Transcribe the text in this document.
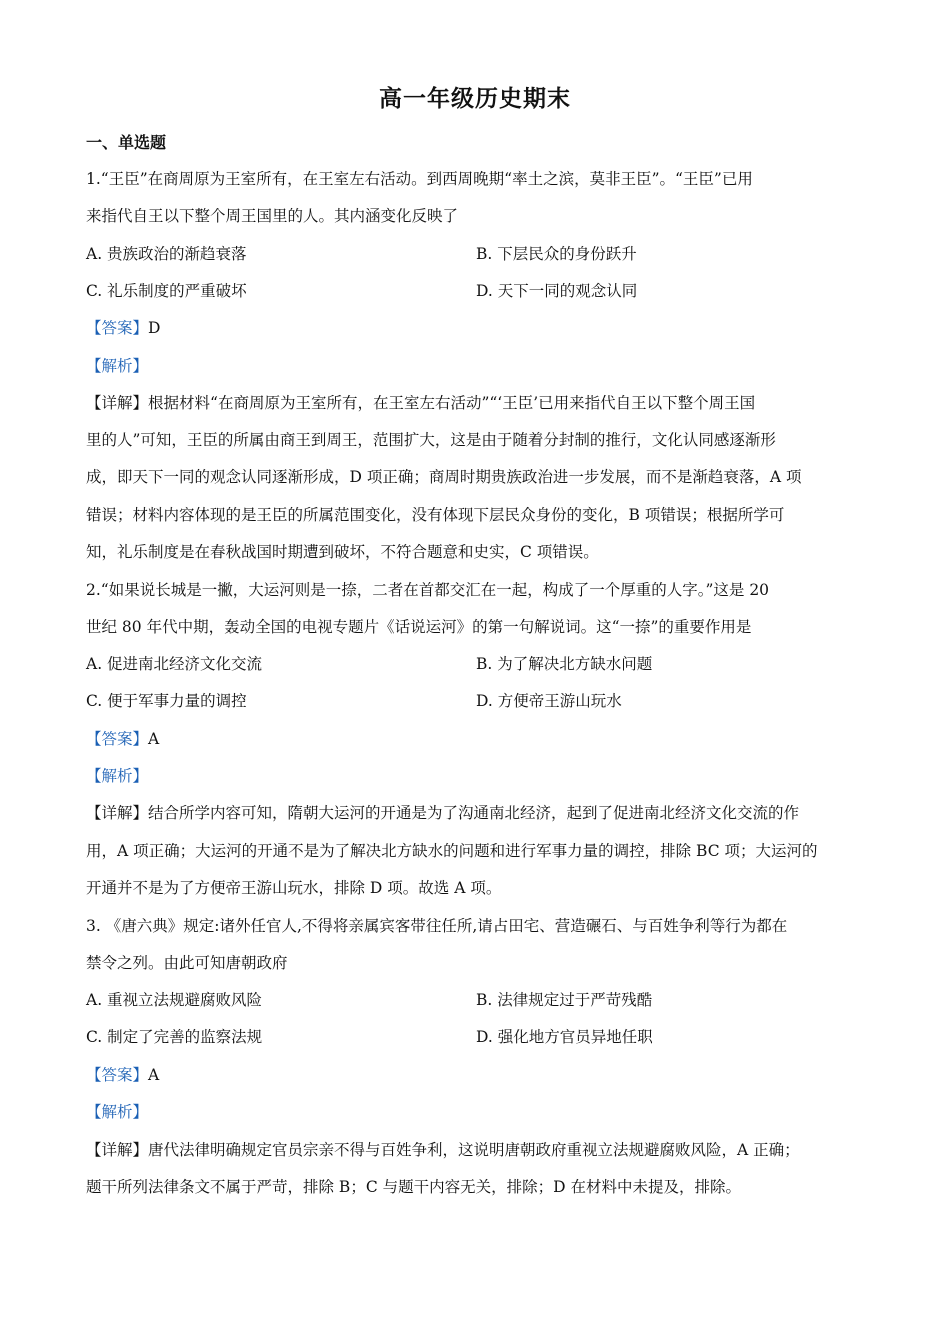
高一年级历史期末
一、单选题
1.“王臣”在商周原为王室所有，在王室左右活动。到西周晚期“率土之滨，莫非王臣”。“王臣”已用
来指代自王以下整个周王国里的人。其内涵变化反映了
A. 贵族政治的渐趋衰落	B. 下层民众的身份跃升
C. 礼乐制度的严重破坏	D. 天下一同的观念认同
【答案】D
【解析】
【详解】根据材料“在商周原为王室所有，在王室左右活动”“‘王臣’已用来指代自王以下整个周王国
里的人”可知，王臣的所属由商王到周王，范围扩大，这是由于随着分封制的推行，文化认同感逐渐形
成，即天下一同的观念认同逐渐形成，D 项正确；商周时期贵族政治进一步发展，而不是渐趋衰落，A 项
错误；材料内容体现的是王臣的所属范围变化，没有体现下层民众身份的变化，B 项错误；根据所学可
知，礼乐制度是在春秋战国时期遭到破坏，不符合题意和史实，C 项错误。
2.“如果说长城是一撇，大运河则是一捺，二者在首都交汇在一起，构成了一个厚重的人字。”这是 20
世纪 80 年代中期，轰动全国的电视专题片《话说运河》的第一句解说词。这“一捺”的重要作用是
A. 促进南北经济文化交流	B. 为了解决北方缺水问题
C. 便于军事力量的调控	D. 方便帝王游山玩水
【答案】A
【解析】
【详解】结合所学内容可知，隋朝大运河的开通是为了沟通南北经济，起到了促进南北经济文化交流的作
用，A 项正确；大运河的开通不是为了解决北方缺水的问题和进行军事力量的调控，排除 BC 项；大运河的
开通并不是为了方便帝王游山玩水，排除 D 项。故选 A 项。
3. 《唐六典》规定:诸外任官人,不得将亲属宾客带往任所,请占田宅、营造碾石、与百姓争利等行为都在
禁令之列。由此可知唐朝政府
A. 重视立法规避腐败风险	B. 法律规定过于严苛残酷
C. 制定了完善的监察法规	D. 强化地方官员异地任职
【答案】A
【解析】
【详解】唐代法律明确规定官员宗亲不得与百姓争利，这说明唐朝政府重视立法规避腐败风险，A 正确；
题干所列法律条文不属于严苛，排除 B；C 与题干内容无关，排除；D 在材料中未提及，排除。
